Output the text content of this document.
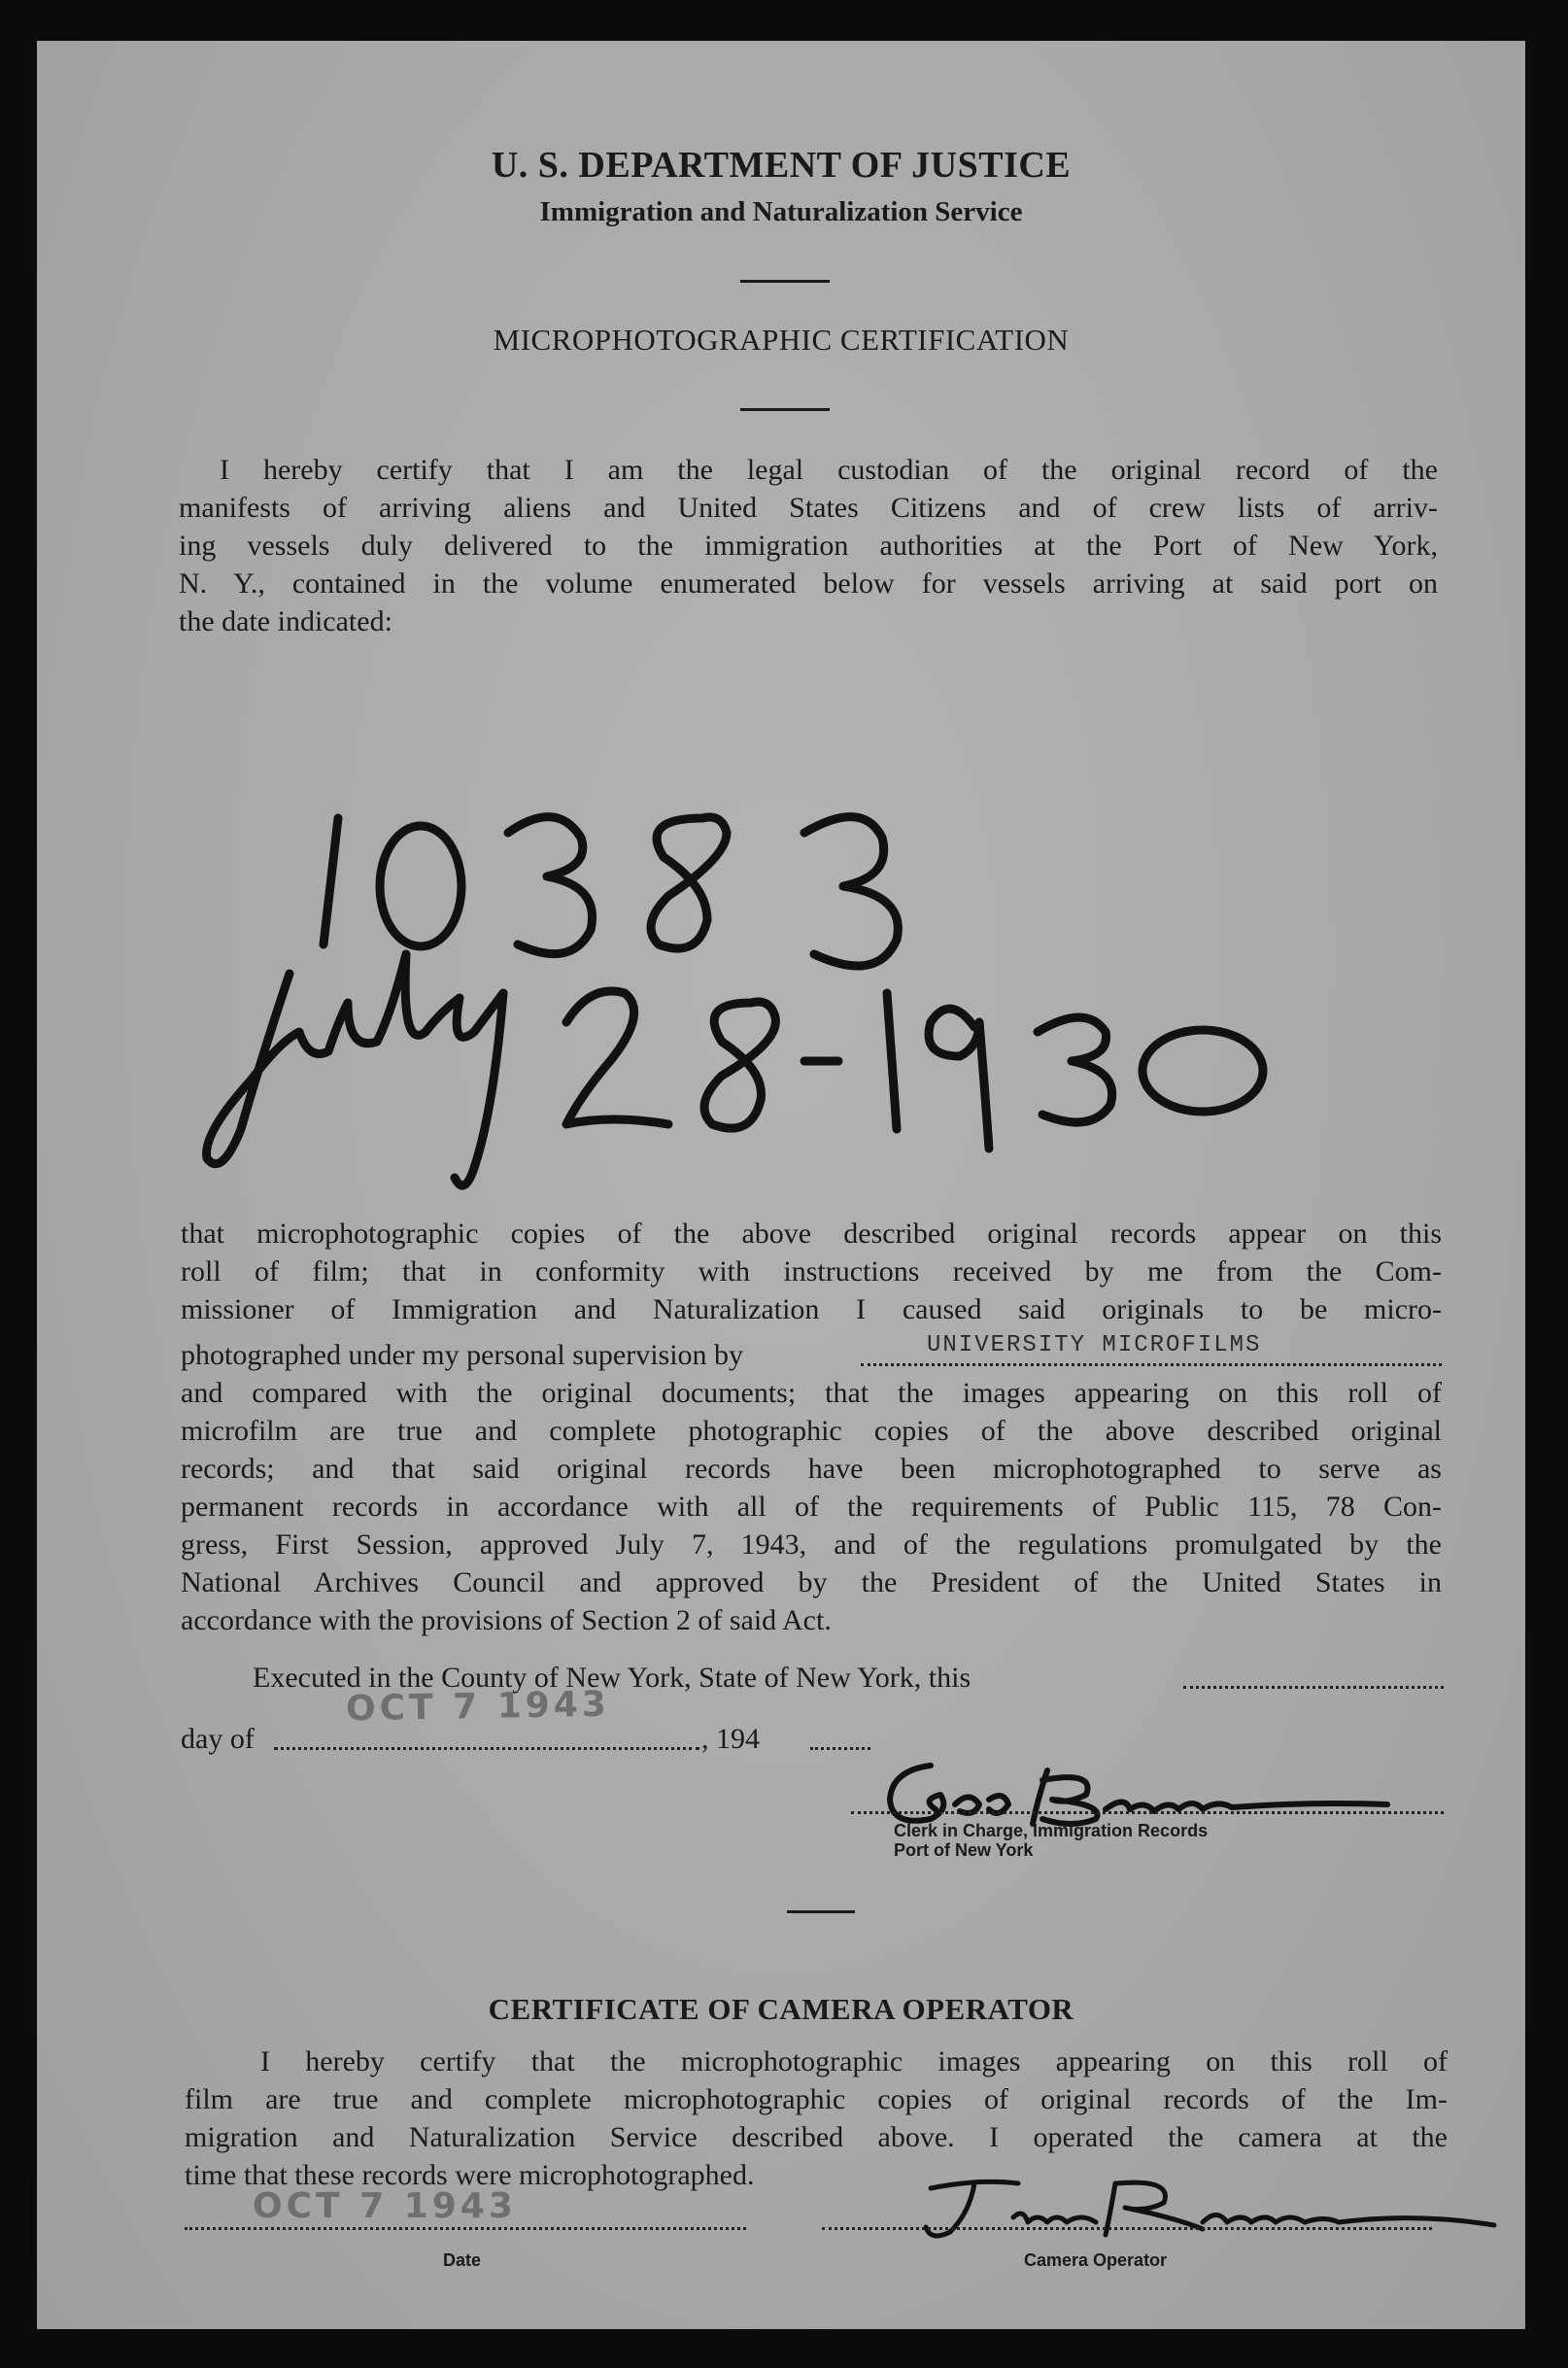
U. S. DEPARTMENT OF JUSTICE
Immigration and Naturalization Service
MICROPHOTOGRAPHIC CERTIFICATION
I hereby certify that I am the legal custodian of the original record of the
manifests of arriving aliens and United States Citizens and of crew lists of arriv-
ing vessels duly delivered to the immigration authorities at the Port of New York,
N. Y., contained in the volume enumerated below for vessels arriving at said port on
the date indicated:
that microphotographic copies of the above described original records appear on this
roll of film; that in conformity with instructions received by me from the Com-
missioner of Immigration and Naturalization I caused said originals to be micro-
photographed under my personal supervision by	UNIVERSITY MICROFILMS
and compared with the original documents; that the images appearing on this roll of
microfilm are true and complete photographic copies of the above described original
records; and that said original records have been microphotographed to serve as
permanent records in accordance with all of the requirements of Public 115, 78 Con-
gress, First Session, approved July 7, 1943, and of the regulations promulgated by the
National Archives Council and approved by the President of the United States in
accordance with the provisions of Section 2 of said Act.
Executed in the County of New York, State of New York, this
OCT 7 1943
day of	, 194
Clerk in Charge, Immigration Records
Port of New York
CERTIFICATE OF CAMERA OPERATOR
I hereby certify that the microphotographic images appearing on this roll of
film are true and complete microphotographic copies of original records of the Im-
migration and Naturalization Service described above. I operated the camera at the
time that these records were microphotographed.
OCT 7 1943
Date	Camera Operator
